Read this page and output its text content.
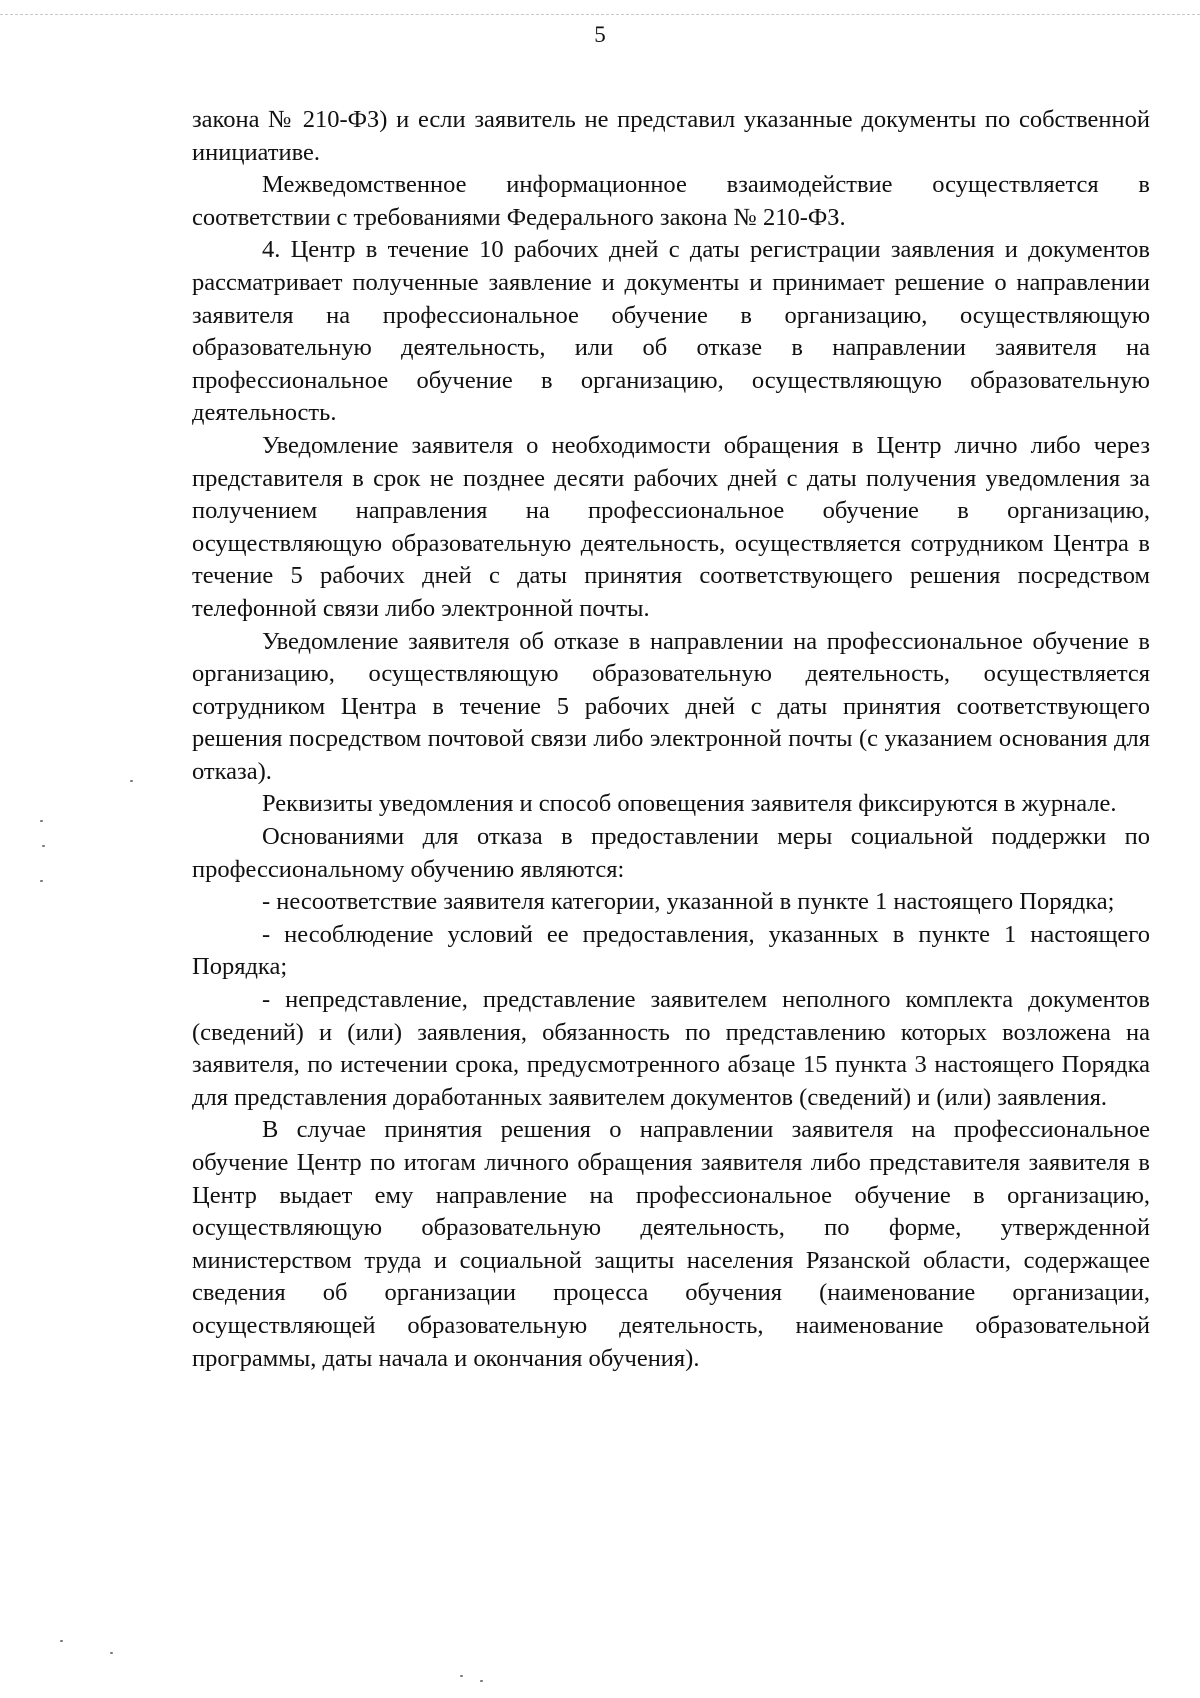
5

закона № 210-ФЗ) и если заявитель не представил указанные документы по собственной инициативе.

Межведомственное информационное взаимодействие осуществляется в соответствии с требованиями Федерального закона № 210-ФЗ.

4. Центр в течение 10 рабочих дней с даты регистрации заявления и документов рассматривает полученные заявление и документы и принимает решение о направлении заявителя на профессиональное обучение в организацию, осуществляющую образовательную деятельность, или об отказе в направлении заявителя на профессиональное обучение в организацию, осуществляющую образовательную деятельность.

Уведомление заявителя о необходимости обращения в Центр лично либо через представителя в срок не позднее десяти рабочих дней с даты получения уведомления за получением направления на профессиональное обучение в организацию, осуществляющую образовательную деятельность, осуществляется сотрудником Центра в течение 5 рабочих дней с даты принятия соответствующего решения посредством телефонной связи либо электронной почты.

Уведомление заявителя об отказе в направлении на профессиональное обучение в организацию, осуществляющую образовательную деятельность, осуществляется сотрудником Центра в течение 5 рабочих дней с даты принятия соответствующего решения посредством почтовой связи либо электронной почты (с указанием основания для отказа).

Реквизиты уведомления и способ оповещения заявителя фиксируются в журнале.

Основаниями для отказа в предоставлении меры социальной поддержки по профессиональному обучению являются:

- несоответствие заявителя категории, указанной в пункте 1 настоящего Порядка;

- несоблюдение условий ее предоставления, указанных в пункте 1 настоящего Порядка;

- непредставление, представление заявителем неполного комплекта документов (сведений) и (или) заявления, обязанность по представлению которых возложена на заявителя, по истечении срока, предусмотренного абзаце 15 пункта 3 настоящего Порядка для представления доработанных заявителем документов (сведений) и (или) заявления.

В случае принятия решения о направлении заявителя на профессиональное обучение Центр по итогам личного обращения заявителя либо представителя заявителя в Центр выдает ему направление на профессиональное обучение в организацию, осуществляющую образовательную деятельность, по форме, утвержденной министерством труда и социальной защиты населения Рязанской области, содержащее сведения об организации процесса обучения (наименование организации, осуществляющей образовательную деятельность, наименование образовательной программы, даты начала и окончания обучения).
